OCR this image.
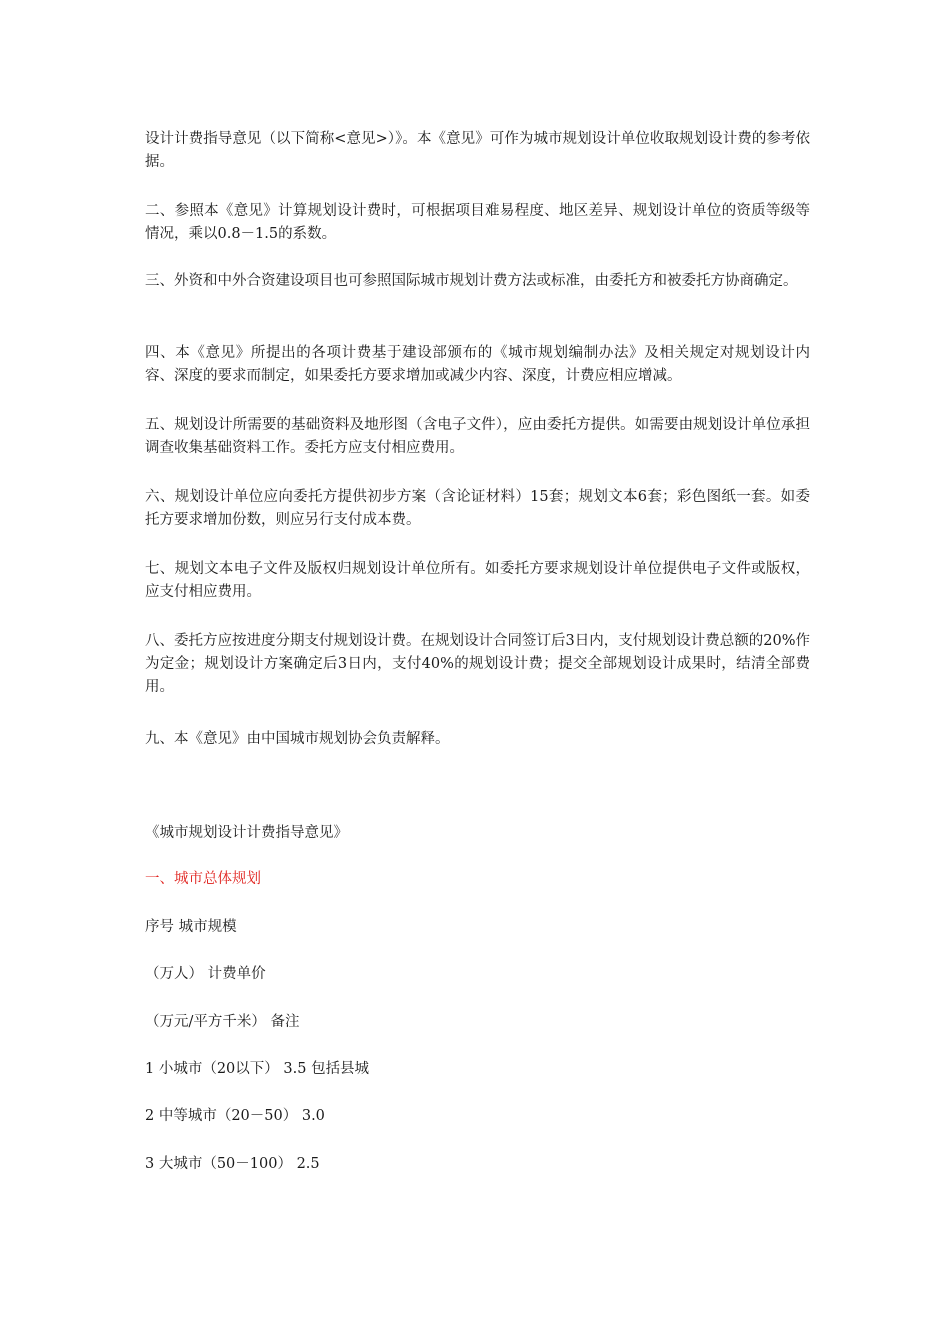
设计计费指导意见（以下简称<意见>）》。本《意见》可作为城市规划设计单位收取规划设计费的参考依据。

二、参照本《意见》计算规划设计费时，可根据项目难易程度、地区差异、规划设计单位的资质等级等情况，乘以0.8－1.5的系数。

三、外资和中外合资建设项目也可参照国际城市规划计费方法或标准，由委托方和被委托方协商确定。

四、本《意见》所提出的各项计费基于建设部颁布的《城市规划编制办法》及相关规定对规划设计内容、深度的要求而制定，如果委托方要求增加或减少内容、深度，计费应相应增减。

五、规划设计所需要的基础资料及地形图（含电子文件），应由委托方提供。如需要由规划设计单位承担调查收集基础资料工作。委托方应支付相应费用。

六、规划设计单位应向委托方提供初步方案（含论证材料）15套；规划文本6套；彩色图纸一套。如委托方要求增加份数，则应另行支付成本费。

七、规划文本电子文件及版权归规划设计单位所有。如委托方要求规划设计单位提供电子文件或版权，应支付相应费用。

八、委托方应按进度分期支付规划设计费。在规划设计合同签订后3日内，支付规划设计费总额的20%作为定金；规划设计方案确定后3日内，支付40%的规划设计费；提交全部规划设计成果时，结清全部费用。

九、本《意见》由中国城市规划协会负责解释。

《城市规划设计计费指导意见》

一、城市总体规划

序号 城市规模

（万人） 计费单价

（万元/平方千米） 备注

1 小城市（20以下） 3.5 包括县城

2 中等城市（20－50） 3.0

3 大城市（50－100） 2.5
